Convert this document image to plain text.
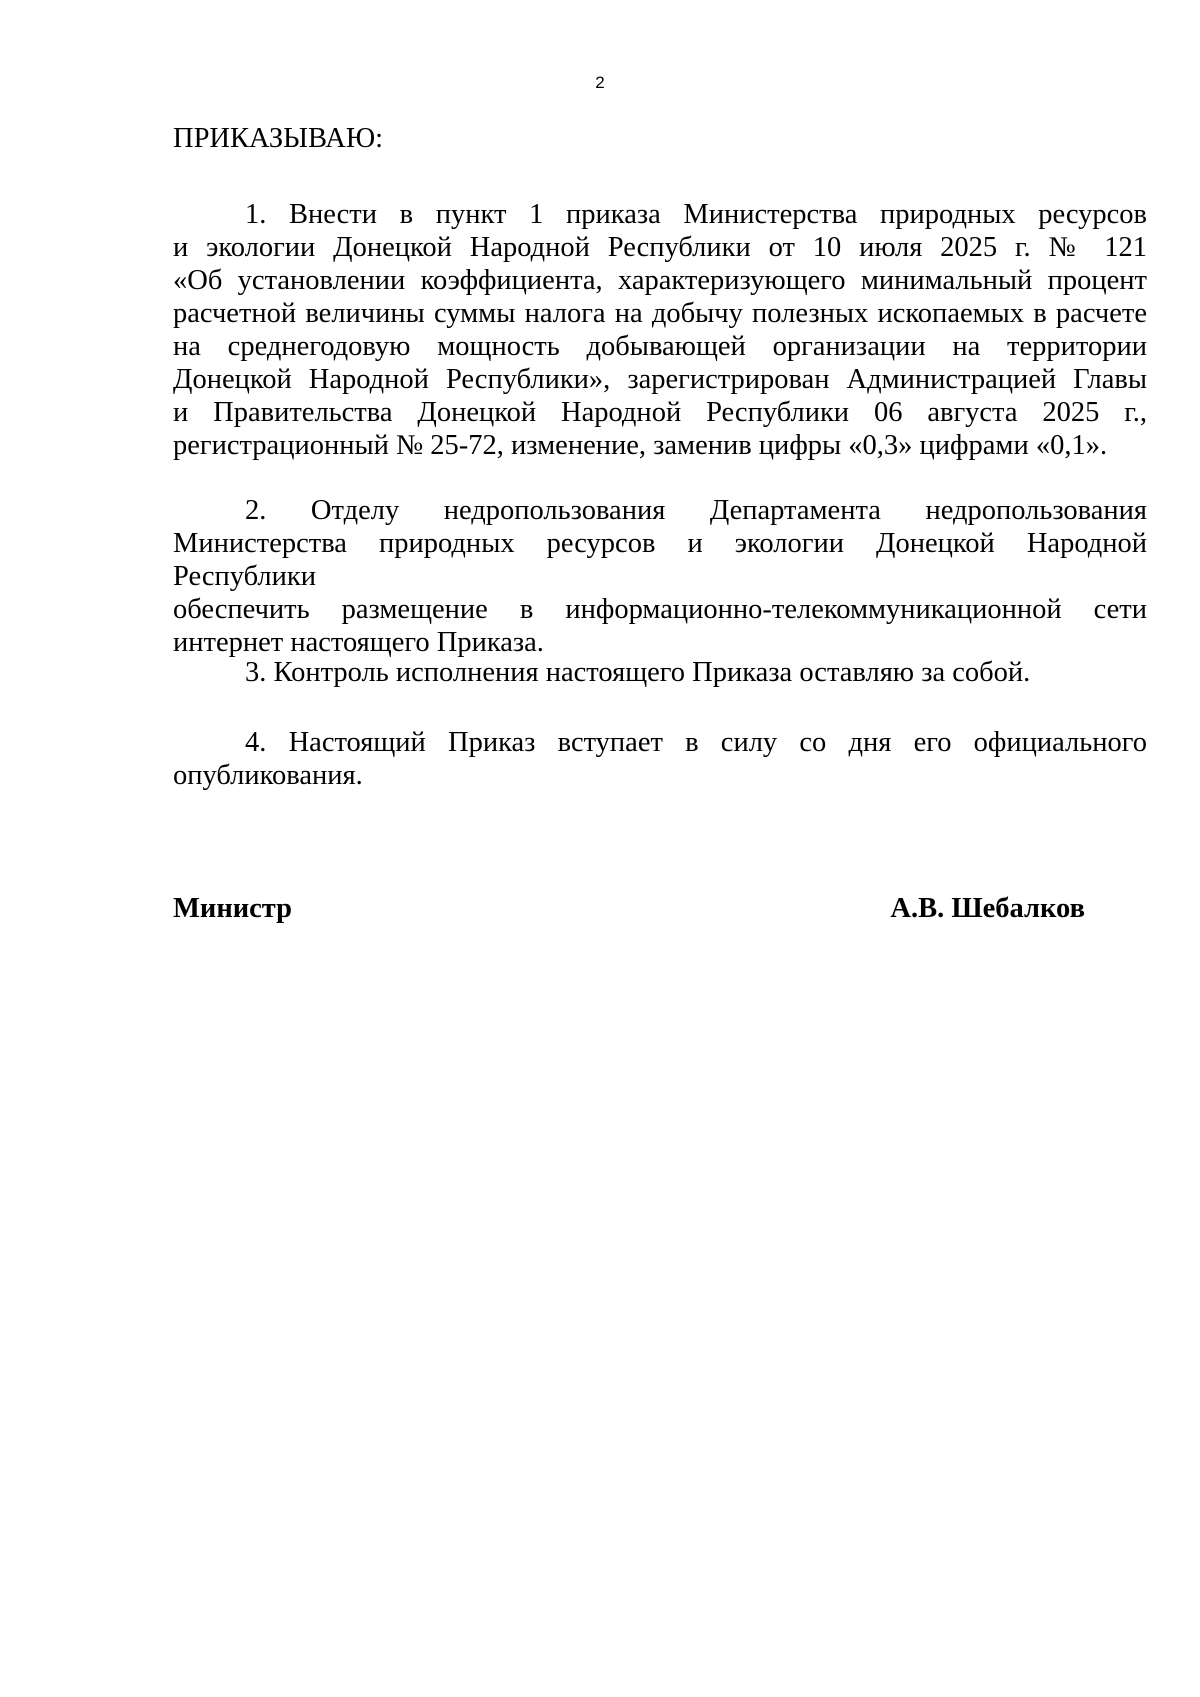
2
ПРИКАЗЫВАЮ:
1. Внести в пункт 1 приказа Министерства природных ресурсов
и экологии Донецкой Народной Республики от 10 июля 2025 г. № 121
«Об установлении коэффициента, характеризующего минимальный процент
расчетной величины суммы налога на добычу полезных ископаемых в расчете
на среднегодовую мощность добывающей организации на территории
Донецкой Народной Республики», зарегистрирован Администрацией Главы
и Правительства Донецкой Народной Республики 06 августа 2025 г.,
регистрационный № 25-72, изменение, заменив цифры «0,3» цифрами «0,1».
2. Отделу недропользования Департамента недропользования
Министерства природных ресурсов и экологии Донецкой Народной Республики
обеспечить размещение в информационно-телекоммуникационной сети
интернет настоящего Приказа.
3. Контроль исполнения настоящего Приказа оставляю за собой.
4. Настоящий Приказ вступает в силу со дня его официального
опубликования.
Министр	А.В. Шебалков
